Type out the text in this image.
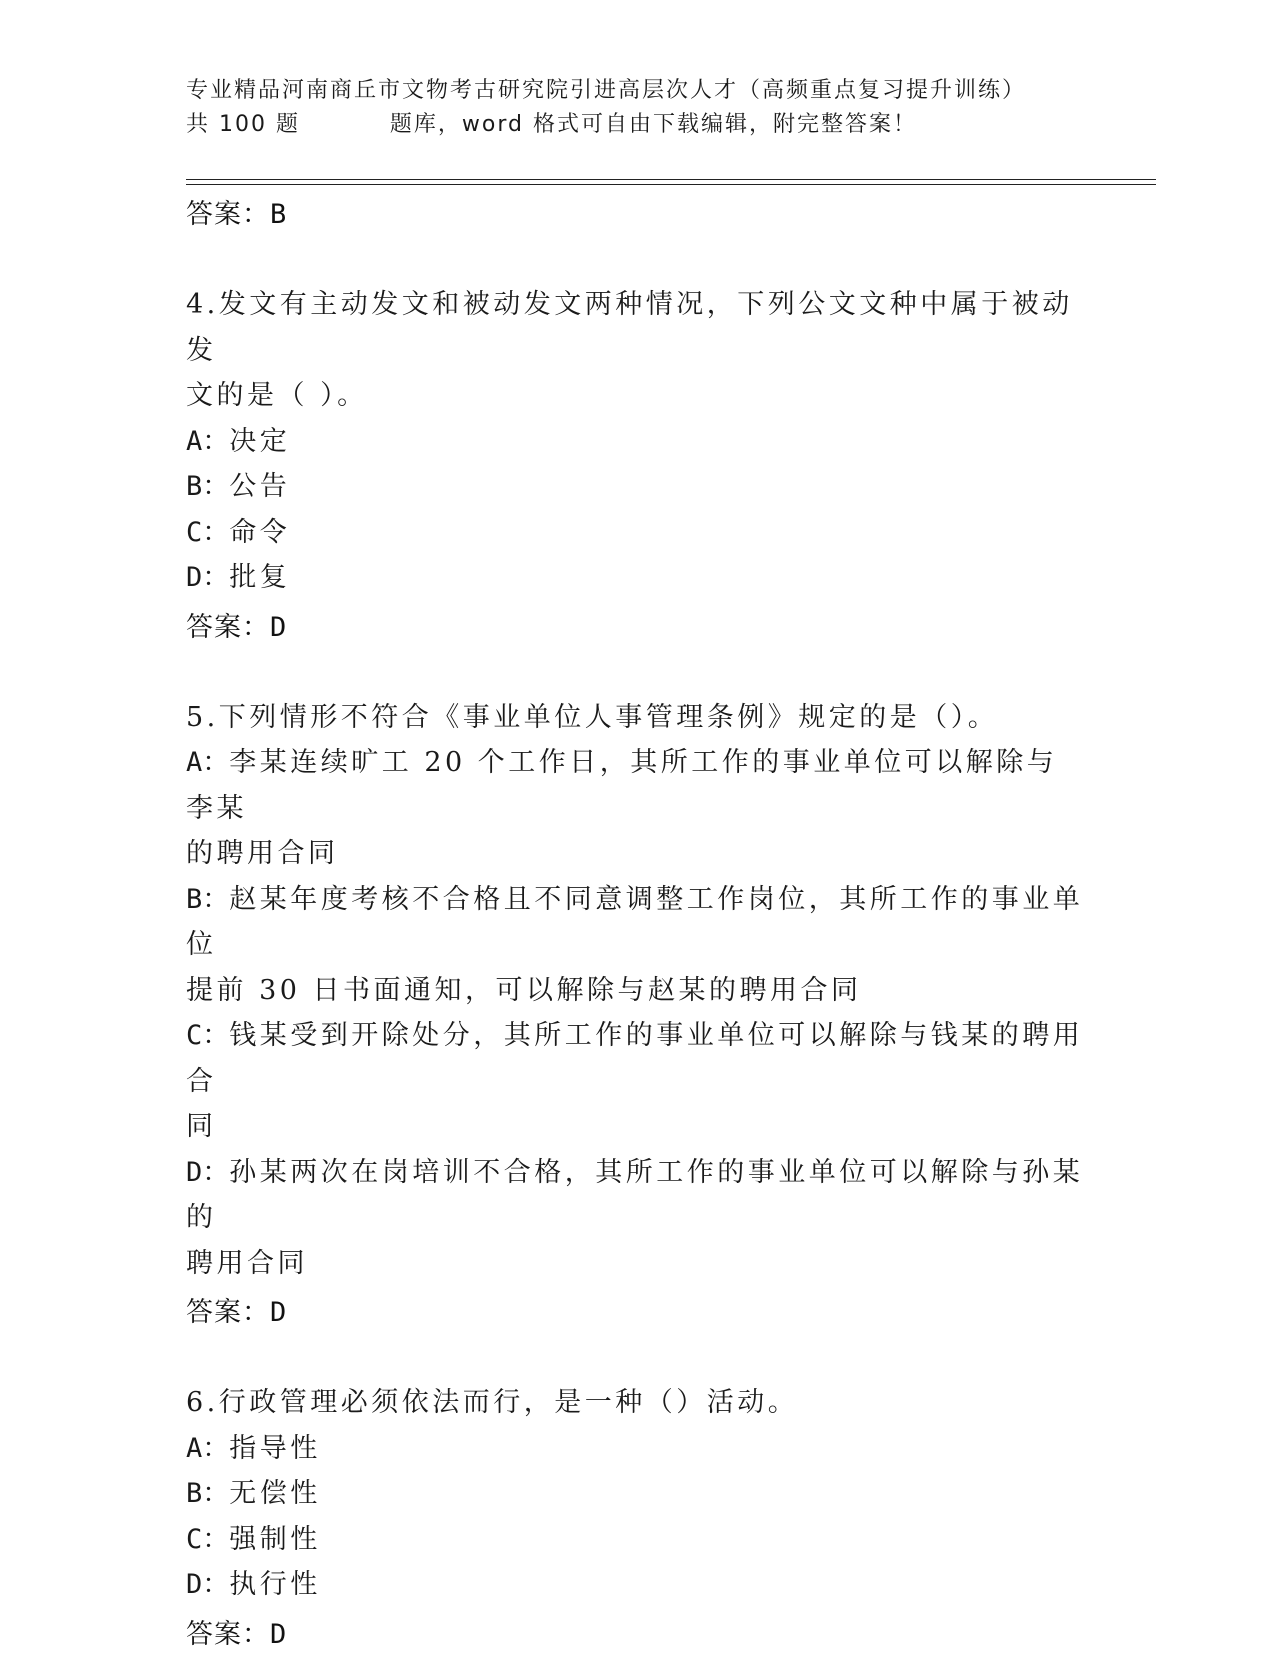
专业精品河南商丘市文物考古研究院引进高层次人才（高频重点复习提升训练）
共 100 题          题库，word 格式可自由下载编辑，附完整答案！
答案：B
4.发文有主动发文和被动发文两种情况，下列公文文种中属于被动发
文的是（ ）。
A：决定
B：公告
C：命令
D：批复
答案：D
5.下列情形不符合《事业单位人事管理条例》规定的是（）。
A：李某连续旷工 20 个工作日，其所工作的事业单位可以解除与李某
的聘用合同
B：赵某年度考核不合格且不同意调整工作岗位，其所工作的事业单位
提前 30 日书面通知，可以解除与赵某的聘用合同
C：钱某受到开除处分，其所工作的事业单位可以解除与钱某的聘用合
同
D：孙某两次在岗培训不合格，其所工作的事业单位可以解除与孙某的
聘用合同
答案：D
6.行政管理必须依法而行，是一种（）活动。
A：指导性
B：无偿性
C：强制性
D：执行性
答案：D
